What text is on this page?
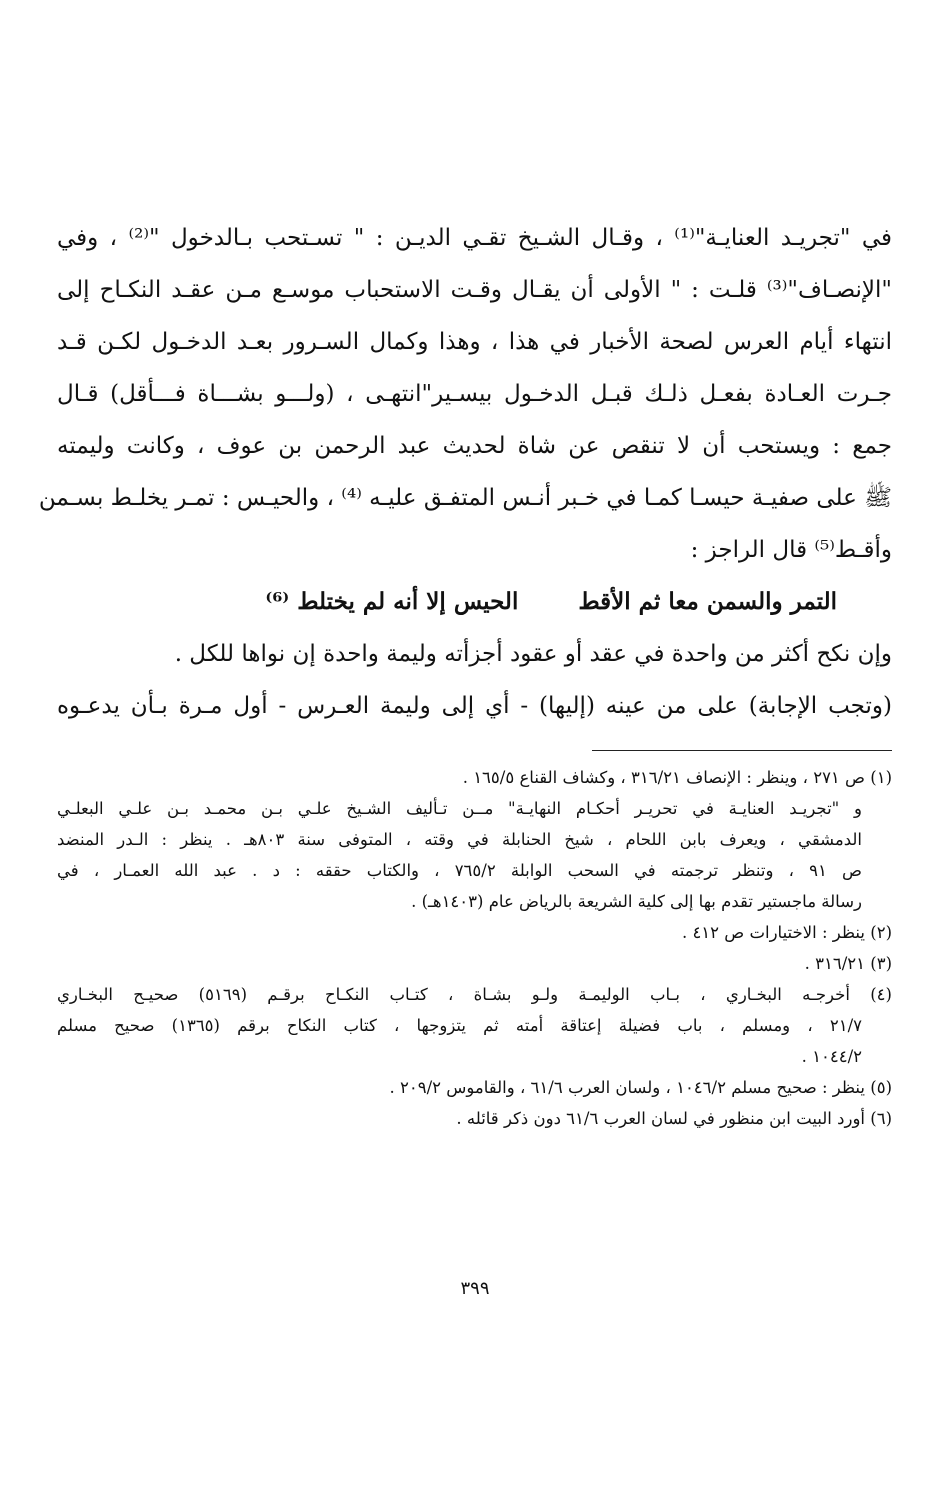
في "تجريـد العنايـة"⁽¹⁾ ، وقـال الشـيخ تقـي الديـن : " تسـتحب بـالدخول "⁽²⁾ ، وفي
"الإنصـاف"⁽³⁾ قلـت : " الأولى أن يقـال وقـت الاستحباب موسـع مـن عقـد النكـاح إلى
انتهاء أيام العرس لصحة الأخبار في هذا ، وهذا وكمال السـرور بعـد الدخـول لكـن قـد
جـرت العـادة بفعـل ذلـك قبـل الدخـول بيسـير"انتهـى ، (ولـــو بشـــاة فـــأقل) قـال
جمع : ويستحب أن لا تنقص عن شاة لحديث عبد الرحمن بن عوف ، وكانت وليمته
ﷺ على صفيـة حيسـا كمـا في خـبر أنـس المتفـق عليـه ⁽⁴⁾ ، والحيـس : تمـر يخلـط بسـمن
وأقـط⁽⁵⁾ قال الراجز :
التمر والسمن معا ثم الأقط
الحيس إلا أنه لم يختلط ⁽⁶⁾
وإن نكح أكثر من واحدة في عقد أو عقود أجزأته وليمة واحدة إن نواها للكل .
(وتجب الإجابة) على من عينه (إليها) - أي إلى وليمة العـرس - أول مـرة بـأن يدعـوه
(١) ص ٢٧١ ، وينظر : الإنصاف ٣١٦/٢١ ، وكشاف القناع ١٦٥/٥ .
و "تجريـد العنايـة في تحريـر أحكـام النهايـة" مــن تـأليف الشـيخ علـي بـن محمـد بـن علـي البعلـي
الدمشقي ، ويعرف بابن اللحام ، شيخ الحنابلة في وقته ، المتوفى سنة ٨٠٣هـ . ينظر : الـدر المنضد
ص ٩١ ، وتنظر ترجمته في السحب الوابلة ٧٦٥/٢ ، والكتاب حققه : د . عبد الله العمـار ، في
رسالة ماجستير تقدم بها إلى كلية الشريعة بالرياض عام (١٤٠٣هـ) .
(٢) ينظر : الاختيارات ص ٤١٢ .
(٣) ٣١٦/٢١ .
(٤) أخرجـه البخـاري ، بـاب الوليمـة ولـو بشـاة ، كتـاب النكـاح برقـم (٥١٦٩) صحيـح البخـاري
٢١/٧ ، ومسلم ، باب فضيلة إعتاقة أمته ثم يتزوجها ، كتاب النكاح برقم (١٣٦٥) صحيح مسلم
١٠٤٤/٢ .
(٥) ينظر : صحيح مسلم ١٠٤٦/٢ ، ولسان العرب ٦١/٦ ، والقاموس ٢٠٩/٢ .
(٦) أورد البيت ابن منظور في لسان العرب ٦١/٦ دون ذكر قائله .
٣٩٩
